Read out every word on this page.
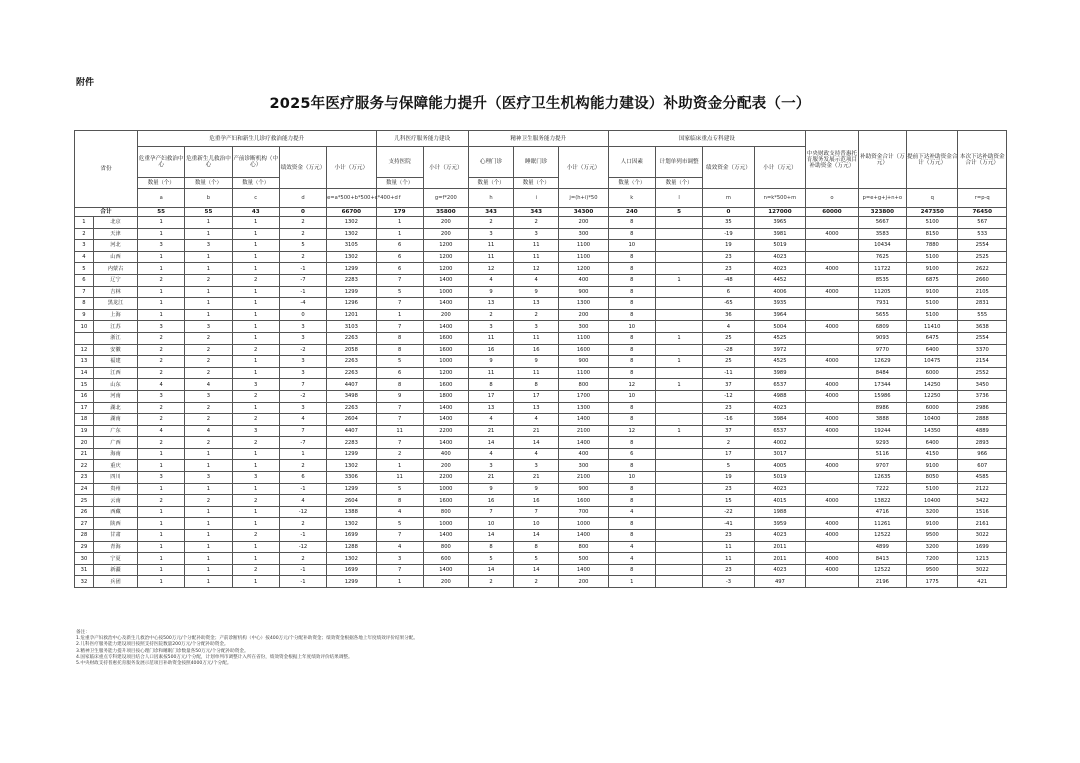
附件
2025年医疗服务与保障能力提升（医疗卫生机构能力建设）补助资金分配表（一）
省份		危重孕产妇和新生儿诊疗救治能力提升					儿科医疗服务能力建设		精神卫生服务能力提升			国家临床重点专科建设				中央财政支持普惠托育服务发展示范项目补助资金（万元）	补助资金合计（万元）	提前下达补助资金合计（万元）	本次下达补助资金合计（万元）
		危重孕产妇救治中心	危重新生儿救治中心	产前诊断机构（中心）	绩效资金（万元）	小计（万元）	支持医院	小计（万元）	心理门诊	睡眠门诊	小计（万元）	人口因素	计划单列市调整	绩效资金（万元）	小计（万元）				
		数量（个）	数量（个）	数量（个）			数量（个）		数量（个）	数量（个）		数量（个）	数量（个）						
		a	b	c	d	e=a*500+b*500+c*400+d	f	g=f*200	h	i	j=(h+i)*50	k	l	m	n=k*500+m	o	p=e+g+j+n+o	q	r=p-q
合计		55	55	43	0	66700	179	35800	343	343	34300	240	5	0	127000	60000	323800	247350	76450
1	北京	1	1	1	2	1302	1	200	2	2	200	8		35	3965		5667	5100	567
2	天津	1	1	1	2	1302	1	200	3	3	300	8		-19	3981	4000	3583	8150	533
3	河北	3	3	1	5	3105	6	1200	11	11	1100	10		19	5019		10434	7880	2554
4	山西	1	1	1	2	1302	6	1200	11	11	1100	8		23	4023		7625	5100	2525
5	内蒙古	1	1	1	-1	1299	6	1200	12	12	1200	8		23	4023	4000	11722	9100	2622
6	辽宁	2	2	2	-7	2283	7	1400	4	4	400	8	1	-48	4452		8535	6875	2660
7	吉林	1	1	1	-1	1299	5	1000	9	9	900	8		6	4006	4000	11205	9100	2105
8	黑龙江	1	1	1	-4	1296	7	1400	13	13	1300	8		-65	3935		7931	5100	2831
9	上海	1	1	1	0	1201	1	200	2	2	200	8		36	3964		5655	5100	555
10	江苏	3	3	1	3	3103	7	1400	3	3	300	10		4	5004	4000	6809	11410	3638
	浙江	2	2	1	3	2263	8	1600	11	11	1100	8	1	25	4525		9093	6475	2554
12	安徽	2	2	2	-2	2058	8	1600	16	16	1600	8		-28	3972		9770	6400	3370
13	福建	2	2	1	3	2263	5	1000	9	9	900	8	1	25	4525	4000	12629	10475	2154
14	江西	2	2	1	3	2263	6	1200	11	11	1100	8		-11	3989		8484	6000	2552
15	山东	4	4	3	7	4407	8	1600	8	8	800	12	1	37	6537	4000	17344	14250	3450
16	河南	3	3	2	-2	3498	9	1800	17	17	1700	10		-12	4988	4000	15986	12250	3736
17	湖北	2	2	1	3	2263	7	1400	13	13	1300	8		23	4023		8986	6000	2986
18	湖南	2	2	2	4	2604	7	1400	4	4	1400	8		-16	3984	4000	3888	10400	2888
19	广东	4	4	3	7	4407	11	2200	21	21	2100	12	1	37	6537	4000	19244	14350	4889
20	广西	2	2	2	-7	2283	7	1400	14	14	1400	8		2	4002		9293	6400	2893
21	海南	1	1	1	1	1299	2	400	4	4	400	6		17	3017		5116	4150	966
22	重庆	1	1	1	2	1302	1	200	3	3	300	8		5	4005	4000	9707	9100	607
23	四川	3	3	3	6	3306	11	2200	21	21	2100	10		19	5019		12635	8050	4585
24	贵州	1	1	1	-1	1299	5	1000	9	9	900	8		23	4023		7222	5100	2122
25	云南	2	2	2	4	2604	8	1600	16	16	1600	8		15	4015	4000	13822	10400	3422
26	西藏	1	1	1	-12	1388	4	800	7	7	700	4		-22	1988		4716	3200	1516
27	陕西	1	1	1	2	1302	5	1000	10	10	1000	8		-41	3959	4000	11261	9100	2161
28	甘肃	1	1	2	-1	1699	7	1400	14	14	1400	8		23	4023	4000	12522	9500	3022
29	青海	1	1	1	-12	1288	4	800	8	8	800	4		11	2011		4899	3200	1699
30	宁夏	1	1	1	2	1302	3	600	5	5	500	4		11	2011	4000	8413	7200	1213
31	新疆	1	1	2	-1	1699	7	1400	14	14	1400	8		23	4023	4000	12522	9500	3022
32	兵团	1	1	1	-1	1299	1	200	2	2	200	1		-3	497		2196	1775	421
备注：
1.危重孕产妇救治中心及新生儿救治中心按500万元/个分配补助资金；产前诊断机构（中心）按400万元/个分配补助资金；绩效资金根据各地上年度绩效评价结果分配。
2.儿科医疗服务能力建设项目按照支持医院数量200万元/个分配补助资金。
3.精神卫生服务能力提升项目按心理门诊和睡眠门诊数量各50万元/个分配补助资金。
4.国家临床重点专科建设项目结合人口因素按500万元/个分配，计划单列市调整计入所在省份，绩效资金根据上年度绩效评价结果调整。
5.中央财政支持普惠托育服务发展示范项目补助资金按照4000万元/个分配。
